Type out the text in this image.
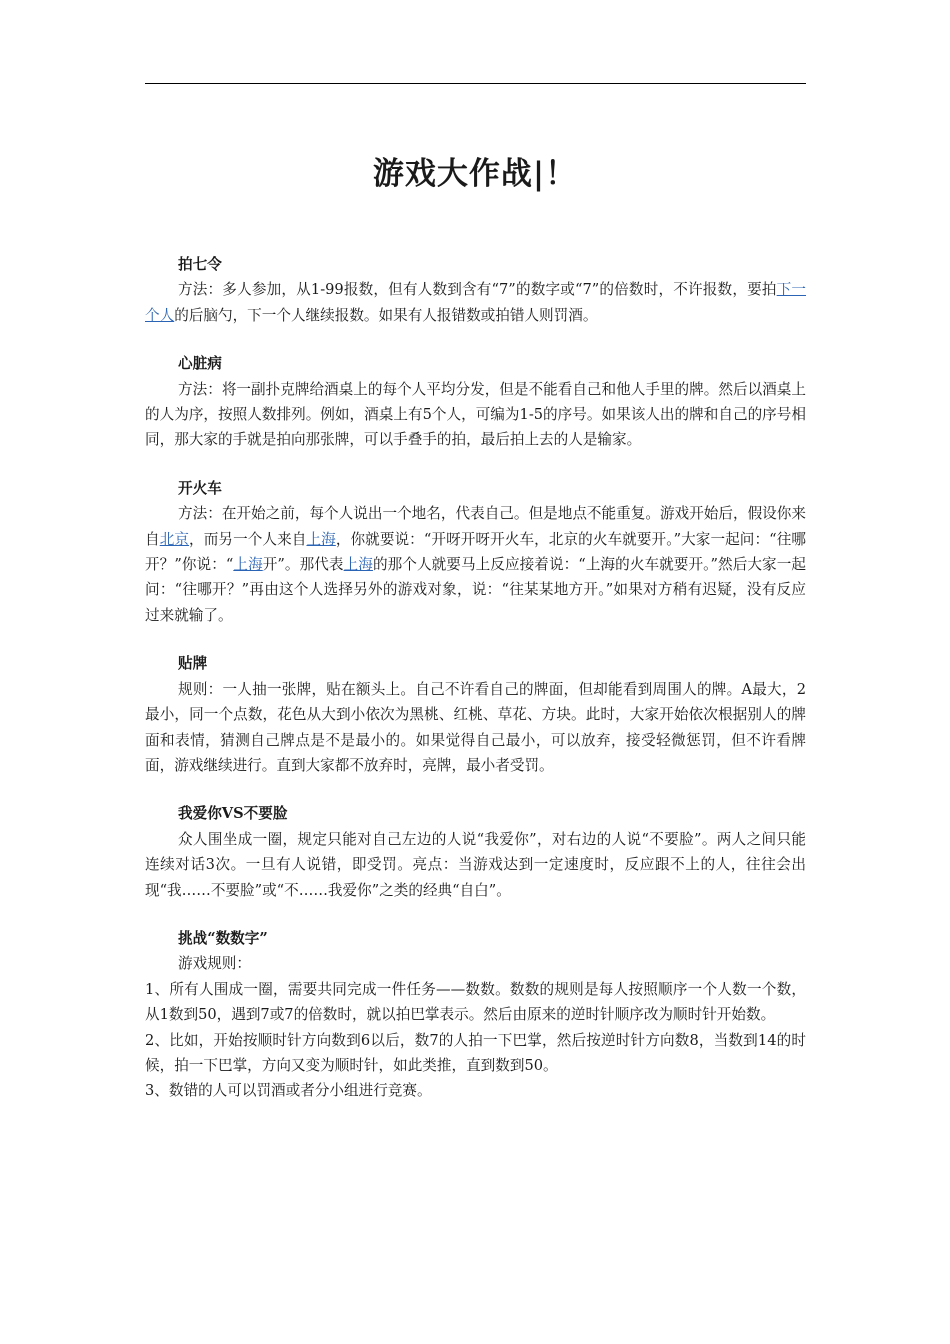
游戏大作战|！

拍七令

方法：多人参加，从1-99报数，但有人数到含有“7”的数字或“7”的倍数时，不许报数，要拍下一个人的后脑勺，下一个人继续报数。如果有人报错数或拍错人则罚酒。

心脏病

方法：将一副扑克牌给酒桌上的每个人平均分发，但是不能看自己和他人手里的牌。然后以酒桌上的人为序，按照人数排列。例如，酒桌上有5个人，可编为1-5的序号。如果该人出的牌和自己的序号相同，那大家的手就是拍向那张牌，可以手叠手的拍，最后拍上去的人是输家。

开火车

方法：在开始之前，每个人说出一个地名，代表自己。但是地点不能重复。游戏开始后，假设你来自北京，而另一个人来自上海，你就要说：“开呀开呀开火车，北京的火车就要开。”大家一起问：“往哪开？”你说：“上海开”。那代表上海的那个人就要马上反应接着说：“上海的火车就要开。”然后大家一起问：“往哪开？”再由这个人选择另外的游戏对象，说：“往某某地方开。”如果对方稍有迟疑，没有反应过来就输了。

贴牌

规则：一人抽一张牌，贴在额头上。自己不许看自己的牌面，但却能看到周围人的牌。A最大，2最小，同一个点数，花色从大到小依次为黑桃、红桃、草花、方块。此时，大家开始依次根据别人的牌面和表情，猜测自己牌点是不是最小的。如果觉得自己最小，可以放弃，接受轻微惩罚，但不许看牌面，游戏继续进行。直到大家都不放弃时，亮牌，最小者受罚。

我爱你VS不要脸

众人围坐成一圈，规定只能对自己左边的人说“我爱你”，对右边的人说“不要脸”。两人之间只能连续对话3次。一旦有人说错，即受罚。亮点：当游戏达到一定速度时，反应跟不上的人，往往会出现“我……不要脸”或“不……我爱你”之类的经典“自白”。

挑战“数数字”

游戏规则：

1、所有人围成一圈，需要共同完成一件任务——数数。数数的规则是每人按照顺序一个人数一个数，从1数到50，遇到7或7的倍数时，就以拍巴掌表示。然后由原来的逆时针顺序改为顺时针开始数。

2、比如，开始按顺时针方向数到6以后，数7的人拍一下巴掌，然后按逆时针方向数8，当数到14的时候，拍一下巴掌，方向又变为顺时针，如此类推，直到数到50。

3、数错的人可以罚酒或者分小组进行竞赛。
